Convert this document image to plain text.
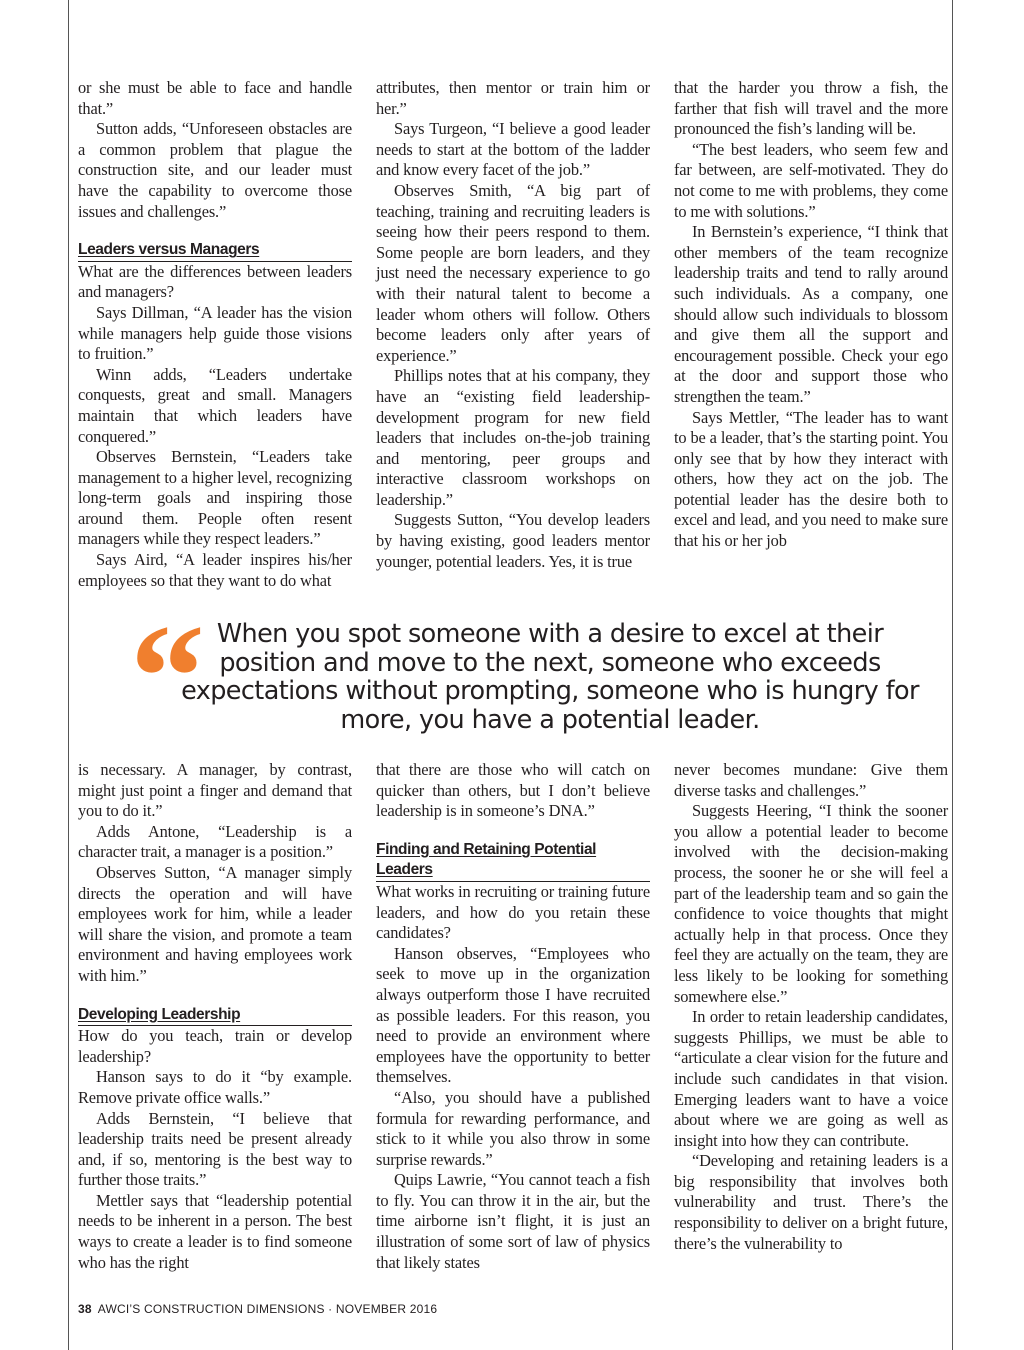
or she must be able to face and handle that.”

Sutton adds, “Unforeseen obstacles are a common problem that plague the construction site, and our leader must have the capability to overcome those issues and challenges.”

Leaders versus Managers

What are the differences between leaders and managers?

Says Dillman, “A leader has the vision while managers help guide those visions to fruition.”

Winn adds, “Leaders undertake conquests, great and small. Managers maintain that which leaders have conquered.”

Observes Bernstein, “Leaders take management to a higher level, recognizing long-term goals and inspiring those around them. People often resent managers while they respect leaders.”

Says Aird, “A leader inspires his/her employees so that they want to do what

attributes, then mentor or train him or her.”

Says Turgeon, “I believe a good leader needs to start at the bottom of the ladder and know every facet of the job.”

Observes Smith, “A big part of teaching, training and recruiting leaders is seeing how their peers respond to them. Some people are born leaders, and they just need the necessary experience to go with their natural talent to become a leader whom others will follow. Others become leaders only after years of experience.”

Phillips notes that at his company, they have an “existing field leadership-development program for new field leaders that includes on-the-job training and mentoring, peer groups and interactive classroom workshops on leadership.”

Suggests Sutton, “You develop leaders by having existing, good leaders mentor younger, potential leaders. Yes, it is true

that the harder you throw a fish, the farther that fish will travel and the more pronounced the fish’s landing will be.

“The best leaders, who seem few and far between, are self-motivated. They do not come to me with problems, they come to me with solutions.”

In Bernstein’s experience, “I think that other members of the team recognize leadership traits and tend to rally around such individuals. As a company, one should allow such individuals to blossom and give them all the support and encouragement possible. Check your ego at the door and support those who strengthen the team.”

Says Mettler, “The leader has to want to be a leader, that’s the starting point. You only see that by how they interact with others, how they act on the job. The potential leader has the desire both to excel and lead, and you need to make sure that his or her job

“ When you spot someone with a desire to excel at their position and move to the next, someone who exceeds expectations without prompting, someone who is hungry for more, you have a potential leader.

is necessary. A manager, by contrast, might just point a finger and demand that you to do it.”

Adds Antone, “Leadership is a character trait, a manager is a position.”

Observes Sutton, “A manager simply directs the operation and will have employees work for him, while a leader will share the vision, and promote a team environment and having employees work with him.”

Developing Leadership

How do you teach, train or develop leadership?

Hanson says to do it “by example. Remove private office walls.”

Adds Bernstein, “I believe that leadership traits need be present already and, if so, mentoring is the best way to further those traits.”

Mettler says that “leadership potential needs to be inherent in a person. The best ways to create a leader is to find someone who has the right

that there are those who will catch on quicker than others, but I don’t believe leadership is in someone’s DNA.”

Finding and Retaining Potential Leaders

What works in recruiting or training future leaders, and how do you retain these candidates?

Hanson observes, “Employees who seek to move up in the organization always outperform those I have recruited as possible leaders. For this reason, you need to provide an environment where employees have the opportunity to better themselves.

“Also, you should have a published formula for rewarding performance, and stick to it while you also throw in some surprise rewards.”

Quips Lawrie, “You cannot teach a fish to fly. You can throw it in the air, but the time airborne isn’t flight, it is just an illustration of some sort of law of physics that likely states

never becomes mundane: Give them diverse tasks and challenges.”

Suggests Heering, “I think the sooner you allow a potential leader to become involved with the decision-making process, the sooner he or she will feel a part of the leadership team and so gain the confidence to voice thoughts that might actually help in that process. Once they feel they are actually on the team, they are less likely to be looking for something somewhere else.”

In order to retain leadership candidates, suggests Phillips, we must be able to “articulate a clear vision for the future and include such candidates in that vision. Emerging leaders want to have a voice about where we are going as well as insight into how they can contribute.

“Developing and retaining leaders is a big responsibility that involves both vulnerability and trust. There’s the responsibility to deliver on a bright future, there’s the vulnerability to

38 AWCI’S CONSTRUCTION DIMENSIONS · NOVEMBER 2016
